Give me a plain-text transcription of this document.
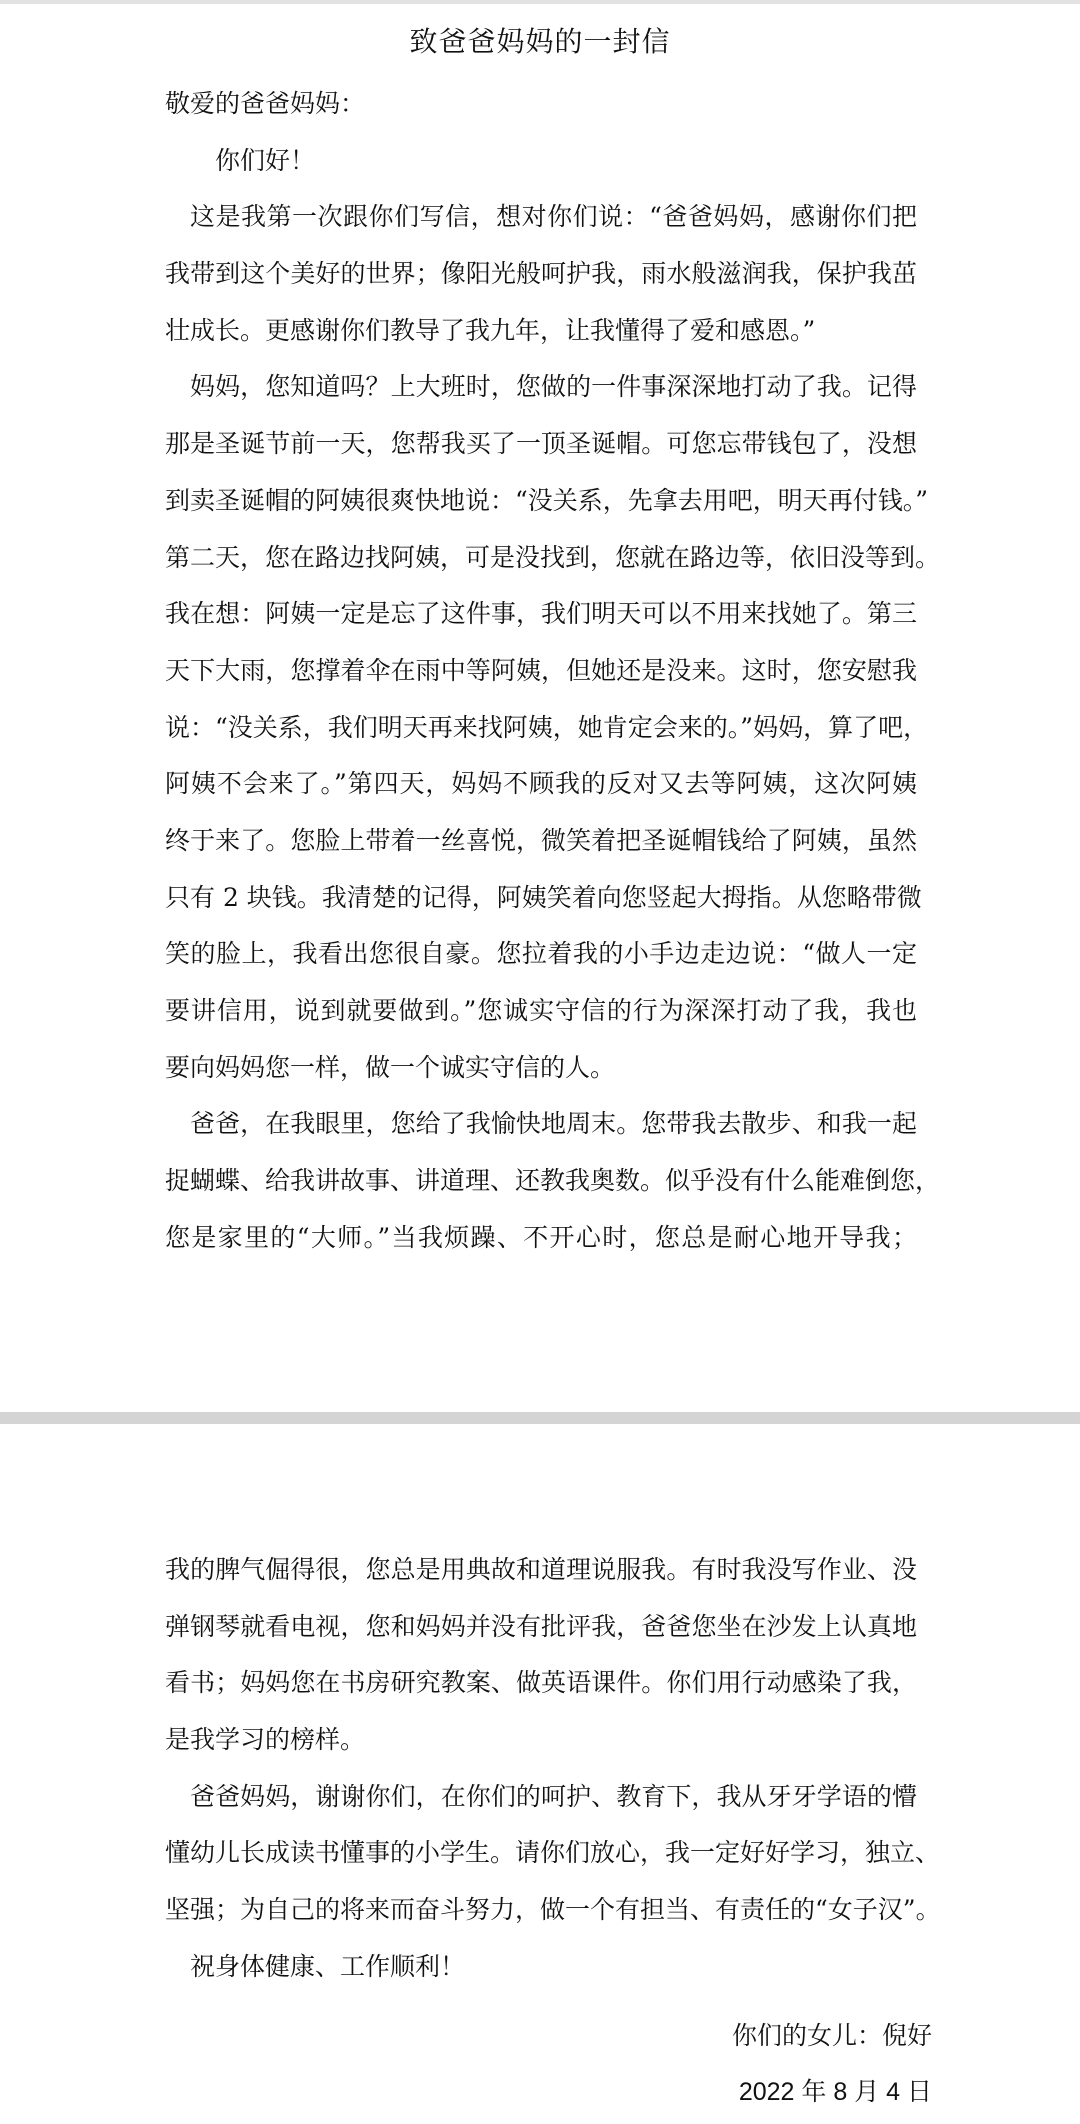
致爸爸妈妈的一封信
敬爱的爸爸妈妈：
你们好！
这是我第一次跟你们写信，想对你们说：“爸爸妈妈，感谢你们把
我带到这个美好的世界；像阳光般呵护我，雨水般滋润我，保护我茁
壮成长。更感谢你们教导了我九年，让我懂得了爱和感恩。”
妈妈，您知道吗？上大班时，您做的一件事深深地打动了我。记得
那是圣诞节前一天，您帮我买了一顶圣诞帽。可您忘带钱包了，没想
到卖圣诞帽的阿姨很爽快地说：“没关系，先拿去用吧，明天再付钱。”
第二天，您在路边找阿姨，可是没找到，您就在路边等，依旧没等到。
我在想：阿姨一定是忘了这件事，我们明天可以不用来找她了。第三
天下大雨，您撑着伞在雨中等阿姨，但她还是没来。这时，您安慰我
说：“没关系，我们明天再来找阿姨，她肯定会来的。”妈妈，算了吧，
阿姨不会来了。”第四天，妈妈不顾我的反对又去等阿姨，这次阿姨
终于来了。您脸上带着一丝喜悦，微笑着把圣诞帽钱给了阿姨，虽然
只有 2 块钱。我清楚的记得，阿姨笑着向您竖起大拇指。从您略带微
笑的脸上，我看出您很自豪。您拉着我的小手边走边说：“做人一定
要讲信用，说到就要做到。”您诚实守信的行为深深打动了我，我也
要向妈妈您一样，做一个诚实守信的人。
爸爸，在我眼里，您给了我愉快地周末。您带我去散步、和我一起
捉蝴蝶、给我讲故事、讲道理、还教我奥数。似乎没有什么能难倒您，
您是家里的“大师。”当我烦躁、不开心时，您总是耐心地开导我；
我的脾气倔得很，您总是用典故和道理说服我。有时我没写作业、没
弹钢琴就看电视，您和妈妈并没有批评我，爸爸您坐在沙发上认真地
看书；妈妈您在书房研究教案、做英语课件。你们用行动感染了我，
是我学习的榜样。
爸爸妈妈，谢谢你们，在你们的呵护、教育下，我从牙牙学语的懵
懂幼儿长成读书懂事的小学生。请你们放心，我一定好好学习，独立、
坚强；为自己的将来而奋斗努力，做一个有担当、有责任的“女子汉”。
祝身体健康、工作顺利！
你们的女儿：倪好
2022 年 8 月 4 日
